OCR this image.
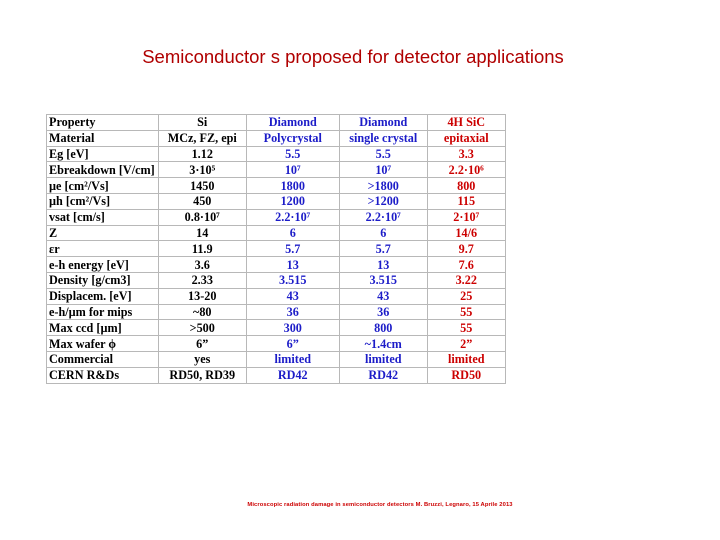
Semiconductor s proposed for detector applications
Property	Si	Diamond	Diamond	4H SiC
Material	MCz, FZ, epi	Polycrystal	single crystal	epitaxial
Eg [eV]	1.12	5.5	5.5	3.3
Ebreakdown [V/cm]	3·10⁵	10⁷	10⁷	2.2·10⁶
µe [cm²/Vs]	1450	1800	>1800	800
µh [cm²/Vs]	450	1200	>1200	115
vsat [cm/s]	0.8·10⁷	2.2·10⁷	2.2·10⁷	2·10⁷
Z	14	6	6	14/6
εr	11.9	5.7	5.7	9.7
e-h energy [eV]	3.6	13	13	7.6
Density [g/cm3]	2.33	3.515	3.515	3.22
Displacem. [eV]	13-20	43	43	25
e-h/µm for mips	~80	36	36	55
Max ccd [µm]	>500	300	800	55
Max wafer ϕ	6”	6”	~1.4cm	2”
Commercial	yes	limited	limited	limited
CERN R&Ds	RD50, RD39	RD42	RD42	RD50
Microscopic radiation damage in semiconductor detectors M. Bruzzi, Legnaro, 15 Aprile 2013
